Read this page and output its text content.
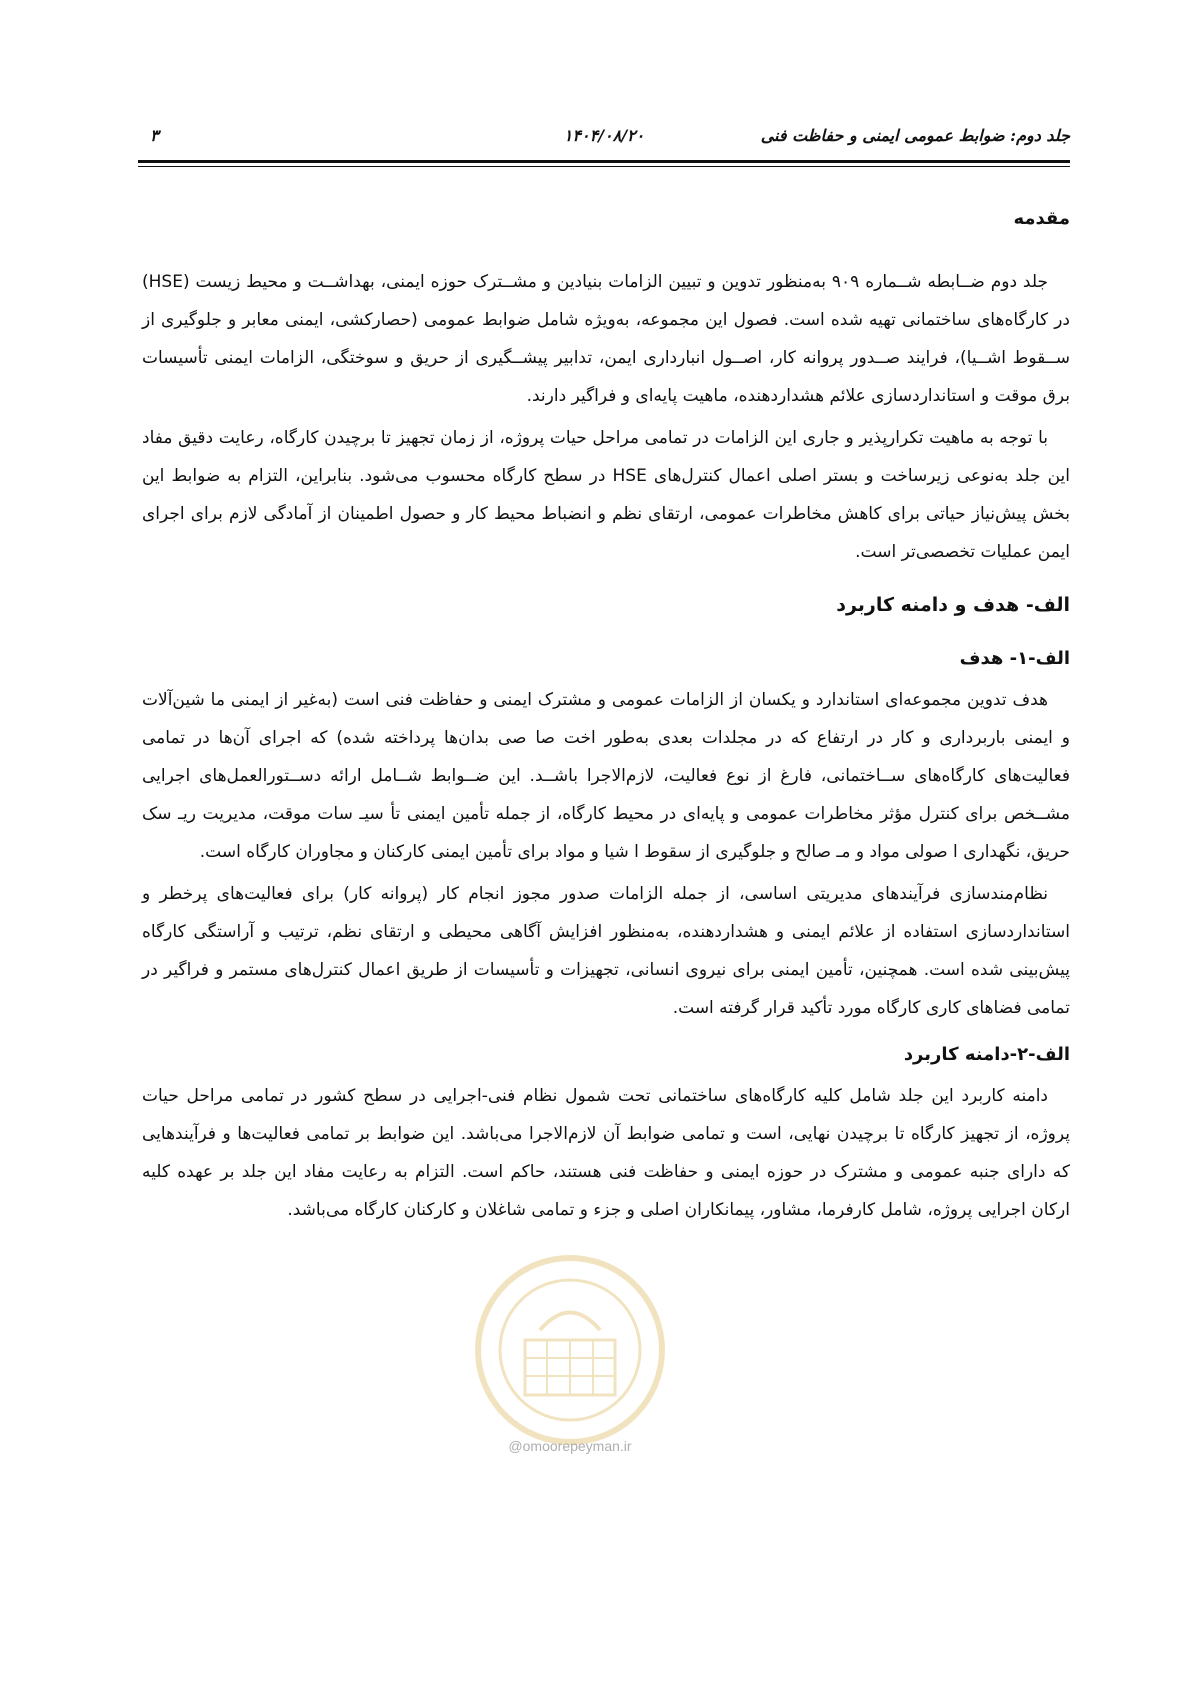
جلد دوم: ضوابط عمومی ایمنی و حفاظت فنی
۱۴۰۴/۰۸/۲۰
۳
مقدمه

جلد دوم ضــابطه شــماره ۹۰۹ به‌منظور تدوین و تبیین الزامات بنیادین و مشــترک حوزه ایمنی، بهداشــت و محیط زیست (HSE) در کارگاه‌های ساختمانی تهیه شده است. فصول این مجموعه، به‌ویژه شامل ضوابط عمومی (حصارکشی، ایمنی معابر و جلوگیری از ســقوط اشــیا)، فرایند صــدور پروانه کار، اصــول انبارداری ایمن، تدابیر پیشــگیری از حریق و سوختگی، الزامات ایمنی تأسیسات برق موقت و استانداردسازی علائم هشداردهنده، ماهیت پایه‌ای و فراگیر دارند.

با توجه به ماهیت تکرارپذیر و جاری این الزامات در تمامی مراحل حیات پروژه، از زمان تجهیز تا برچیدن کارگاه، رعایت دقیق مفاد این جلد به‌نوعی زیرساخت و بستر اصلی اعمال کنترل‌های HSE در سطح کارگاه محسوب می‌شود. بنابراین، التزام به ضوابط این بخش پیش‌نیاز حیاتی برای کاهش مخاطرات عمومی، ارتقای نظم و انضباط محیط کار و حصول اطمینان از آمادگی لازم برای اجرای ایمن عملیات تخصصی‌تر است.

الف- هدف و دامنه کاربرد
الف-۱- هدف

هدف تدوین مجموعه‌ای استاندارد و یکسان از الزامات عمومی و مشترک ایمنی و حفاظت فنی است (به‌غیر از ایمنی ما شین‌آلات و ایمنی باربرداری و کار در ارتفاع که در مجلدات بعدی به‌طور اخت صا صی بدان‌ها پرداخته شده) که اجرای آن‌ها در تمامی فعالیت‌های کارگاه‌های ســاختمانی، فارغ از نوع فعالیت، لازم‌الاجرا باشــد. این ضــوابط شــامل ارائه دســتورالعمل‌های اجرایی مشــخص برای کنترل مؤثر مخاطرات عمومی و پایه‌ای در محیط کارگاه، از جمله تأمین ایمنی تأ سیـ سات موقت، مدیریت ریـ سک حریق، نگهداری ا صولی مواد و مـ صالح و جلوگیری از سقوط ا شیا و مواد برای تأمین ایمنی کارکنان و مجاوران کارگاه است.

نظام‌مندسازی فرآیندهای مدیریتی اساسی، از جمله الزامات صدور مجوز انجام کار (پروانه کار) برای فعالیت‌های پرخطر و استانداردسازی استفاده از علائم ایمنی و هشداردهنده، به‌منظور افزایش آگاهی محیطی و ارتقای نظم، ترتیب و آراستگی کارگاه پیش‌بینی شده است. همچنین، تأمین ایمنی برای نیروی انسانی، تجهیزات و تأسیسات از طریق اعمال کنترل‌های مستمر و فراگیر در تمامی فضاهای کاری کارگاه مورد تأکید قرار گرفته است.

الف-۲-دامنه کاربرد

دامنه کاربرد این جلد شامل کلیه کارگاه‌های ساختمانی تحت شمول نظام فنی-اجرایی در سطح کشور در تمامی مراحل حیات پروژه، از تجهیز کارگاه تا برچیدن نهایی، است و تمامی ضوابط آن لازم‌الاجرا می‌باشد. این ضوابط بر تمامی فعالیت‌ها و فرآیندهایی که دارای جنبه عمومی و مشترک در حوزه ایمنی و حفاظت فنی هستند، حاکم است. التزام به رعایت مفاد این جلد بر عهده کلیه ارکان اجرایی پروژه، شامل کارفرما، مشاور، پیمانکاران اصلی و جزء و تمامی شاغلان و کارکنان کارگاه می‌باشد.

@omoorepeyman.ir
